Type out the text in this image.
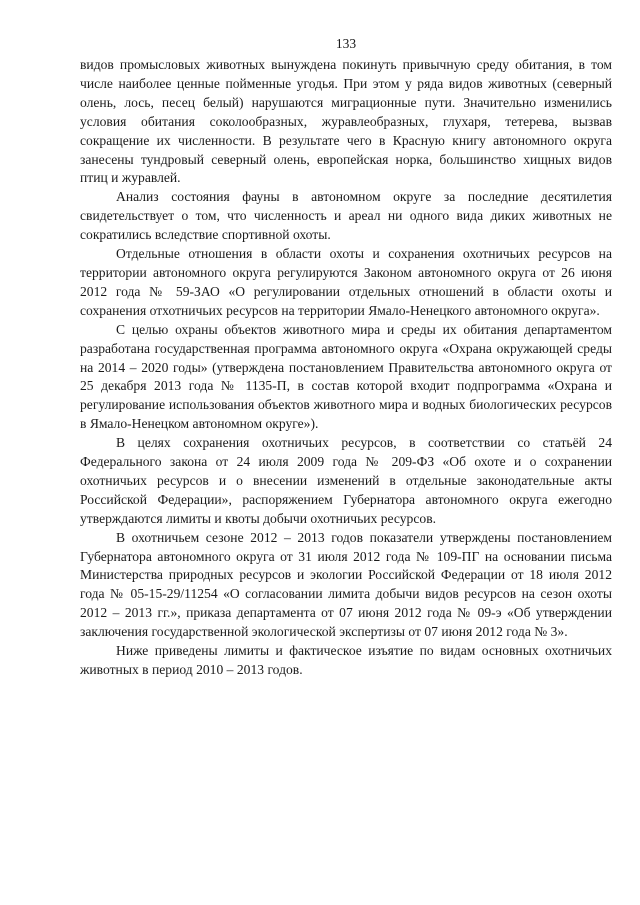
133

видов промысловых животных вынуждена покинуть привычную среду обитания, в том числе наиболее ценные пойменные угодья. При этом у ряда видов животных (северный олень, лось, песец белый) нарушаются миграционные пути. Значительно изменились условия обитания соколообразных, журавлеобразных, глухаря, тетерева, вызвав сокращение их численности. В результате чего в Красную книгу автономного округа занесены тундровый северный олень, европейская норка, большинство хищных видов птиц и журавлей.

Анализ состояния фауны в автономном округе за последние десятилетия свидетельствует о том, что численность и ареал ни одного вида диких животных не сократились вследствие спортивной охоты.

Отдельные отношения в области охоты и сохранения охотничьих ресурсов на территории автономного округа регулируются Законом автономного округа от 26 июня 2012 года № 59-ЗАО «О регулировании отдельных отношений в области охоты и сохранения отхотничьих ресурсов на территории Ямало-Ненецкого автономного округа».

С целью охраны объектов животного мира и среды их обитания департаментом разработана государственная программа автономного округа «Охрана окружающей среды на 2014 – 2020 годы» (утверждена постановлением Правительства автономного округа от 25 декабря 2013 года № 1135-П, в состав которой входит подпрограмма «Охрана и регулирование использования объектов животного мира и водных биологических ресурсов в Ямало-Ненецком автономном округе»).

В целях сохранения охотничьих ресурсов, в соответствии со статьёй 24 Федерального закона от 24 июля 2009 года № 209-ФЗ «Об охоте и о сохранении охотничьих ресурсов и о внесении изменений в отдельные законодательные акты Российской Федерации», распоряжением Губернатора автономного округа ежегодно утверждаются лимиты и квоты добычи охотничьих ресурсов.

В охотничьем сезоне 2012 – 2013 годов показатели утверждены постановлением Губернатора автономного округа от 31 июля 2012 года № 109-ПГ на основании письма Министерства природных ресурсов и экологии Российской Федерации от 18 июля 2012 года № 05-15-29/11254 «О согласовании лимита добычи видов ресурсов на сезон охоты 2012 – 2013 гг.», приказа департамента от 07 июня 2012 года № 09-э «Об утверждении заключения государственной экологической экспертизы от 07 июня 2012 года № 3».

Ниже приведены лимиты и фактическое изъятие по видам основных охотничьих животных в период 2010 – 2013 годов.
